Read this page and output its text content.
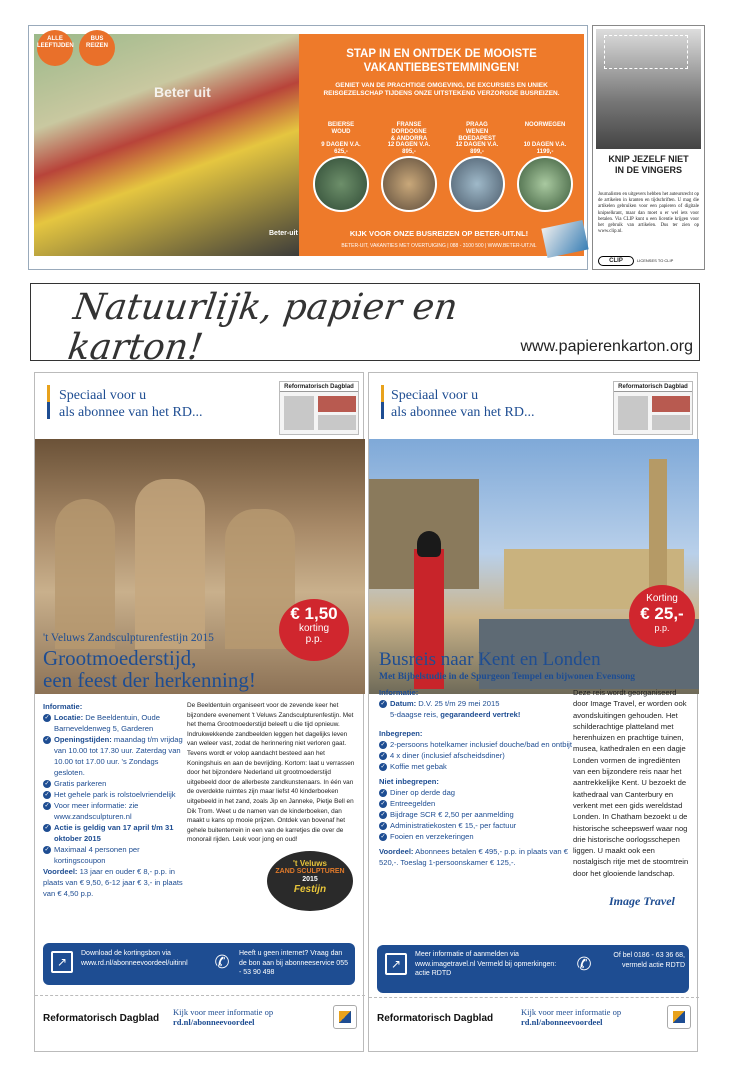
Beter uit
ALLE LEEFTIJDEN
BUS REIZEN
STAP IN EN ONTDEK DE MOOISTE
VAKANTIEBESTEMMINGEN!
GENIET VAN DE PRACHTIGE OMGEVING, DE EXCURSIES EN UNIEK
REISGEZELSCHAP TIJDENS ONZE UITSTEKEND VERZORGDE BUSREIZEN.
BEIERSE
WOUD
9 DAGEN V.A.
625,-
FRANSE
DORDOGNE
& ANDORRA
12 DAGEN V.A.
895,-
PRAAG
WENEN
BOEDAPEST
12 DAGEN V.A.
899,-
NOORWEGEN
10 DAGEN V.A.
1199,-
Beter-uit	KIJK VOOR ONZE BUSREIZEN OP BETER-UIT.NL!
BETER-UIT, VAKANTIES MET OVERTUIGING | 088 - 3100 500 | WWW.BETER-UIT.NL
KNIP JEZELF NIET
IN DE VINGERS
Journalisten en uitgevers hebben het auteursrecht op de artikelen in kranten en tijdschriften. U mag die artikelen gebruiken voor een papieren of digitale knipselkrant, maar dan moet u er wel iets voor betalen. Via CLIP kunt u een licentie krijgen voor het gebruik van artikelen. Dus ter zien op www.clip.nl.
CLIP	LICENSES TO CLIP
Natuurlijk, papier en karton!	www.papierenkarton.org
Speciaal voor u
als abonnee van het RD...
Reformatorisch Dagblad
€ 1,50
korting
p.p.
't Veluws Zandsculpturenfestijn 2015
Grootmoederstijd,
een feest der herkenning!
Informatie:
✓ Locatie: De Beeldentuin, Oude Barneveldenweg 5, Garderen
✓ Openingstijden: maandag t/m vrijdag van 10.00 tot 17.30 uur. Zaterdag van 10.00 tot 17.00 uur. 's Zondags gesloten.
✓ Gratis parkeren
✓ Het gehele park is rolstoelvriendelijk
✓ Voor meer informatie: zie www.zandsculpturen.nl
✓ Actie is geldig van 17 april t/m 31 oktober 2015
✓ Maximaal 4 personen per kortingscoupon
Voordeel: 13 jaar en ouder € 8,- p.p. in plaats van € 9,50, 6-12 jaar € 3,- in plaats van € 4,50 p.p.
De Beeldentuin organiseert voor de zevende keer het bijzondere evenement 't Veluws Zandsculpturenfestijn. Met het thema Grootmoederstijd beleeft u die tijd opnieuw. Indrukwekkende zandbeelden leggen het dagelijks leven van weleer vast, zodat de herinnering niet verloren gaat. Tevens wordt er volop aandacht besteed aan het Koningshuis en aan de bevrijding. Kortom: laat u verrassen door het bijzondere Nederland uit grootmoederstijd uitgebeeld door de allerbeste zandkunstenaars. In één van de overdekte ruimtes zijn maar liefst 40 kinderboeken uitgebeeld in het zand, zoals Jip en Janneke, Pietje Bell en Dik Trom. Weet u de namen van de kinderboeken, dan maakt u kans op mooie prijzen. Ontdek van bovenaf het gehele buitenterrein in een van de karretjes die over de monorail rijden. Leuk voor jong en oud!
't Veluws
ZAND SCULPTUREN
2015
Festijn
↗
Download de kortingsbon via www.rd.nl/abonneevoordeel/uitinnl	✆	Heeft u geen internet? Vraag dan de bon aan bij abonneeservice 055 - 53 90 498
Reformatorisch Dagblad
Kijk voor meer informatie op
rd.nl/abonneevoordeel
Speciaal voor u
als abonnee van het RD...
Reformatorisch Dagblad
Korting
€ 25,-
p.p.
Busreis naar Kent en Londen
Met Bijbelstudie in de Spurgeon Tempel en bijwonen Evensong
Informatie:
✓ Datum: D.V. 25 t/m 29 mei 2015
5-daagse reis, gegarandeerd vertrek!
Inbegrepen:
✓ 2-persoons hotelkamer inclusief douche/bad en ontbijt
✓ 4 x diner (inclusief afscheidsdiner)
✓ Koffie met gebak
Niet inbegrepen:
✓ Diner op derde dag
✓ Entreegelden
✓ Bijdrage SCR € 2,50 per aanmelding
✓ Administratiekosten € 15,- per factuur
✓ Fooien en verzekeringen
Voordeel: Abonnees betalen € 495,- p.p. in plaats van € 520,-. Toeslag 1-persoonskamer € 125,-.
Deze reis wordt georganiseerd door Image Travel, er worden ook avondsluitingen gehouden. Het schilderachtige platteland met herenhuizen en prachtige tuinen, musea, kathedralen en een dagje Londen vormen de ingrediënten van een bijzondere reis naar het aantrekkelijke Kent. U bezoekt de kathedraal van Canterbury en verkent met een gids wereldstad Londen. In Chatham bezoekt u de historische scheepswerf waar nog drie historische oorlogsschepen liggen. U maakt ook een nostalgisch ritje met de stoomtrein door het glooiende landschap.
Image Travel
↗
Meer informatie of aanmelden via www.imagetravel.nl Vermeld bij opmerkingen: actie RDTD	✆	Of bel 0186 - 63 36 68, vermeld actie RDTD
Reformatorisch Dagblad
Kijk voor meer informatie op
rd.nl/abonneevoordeel
